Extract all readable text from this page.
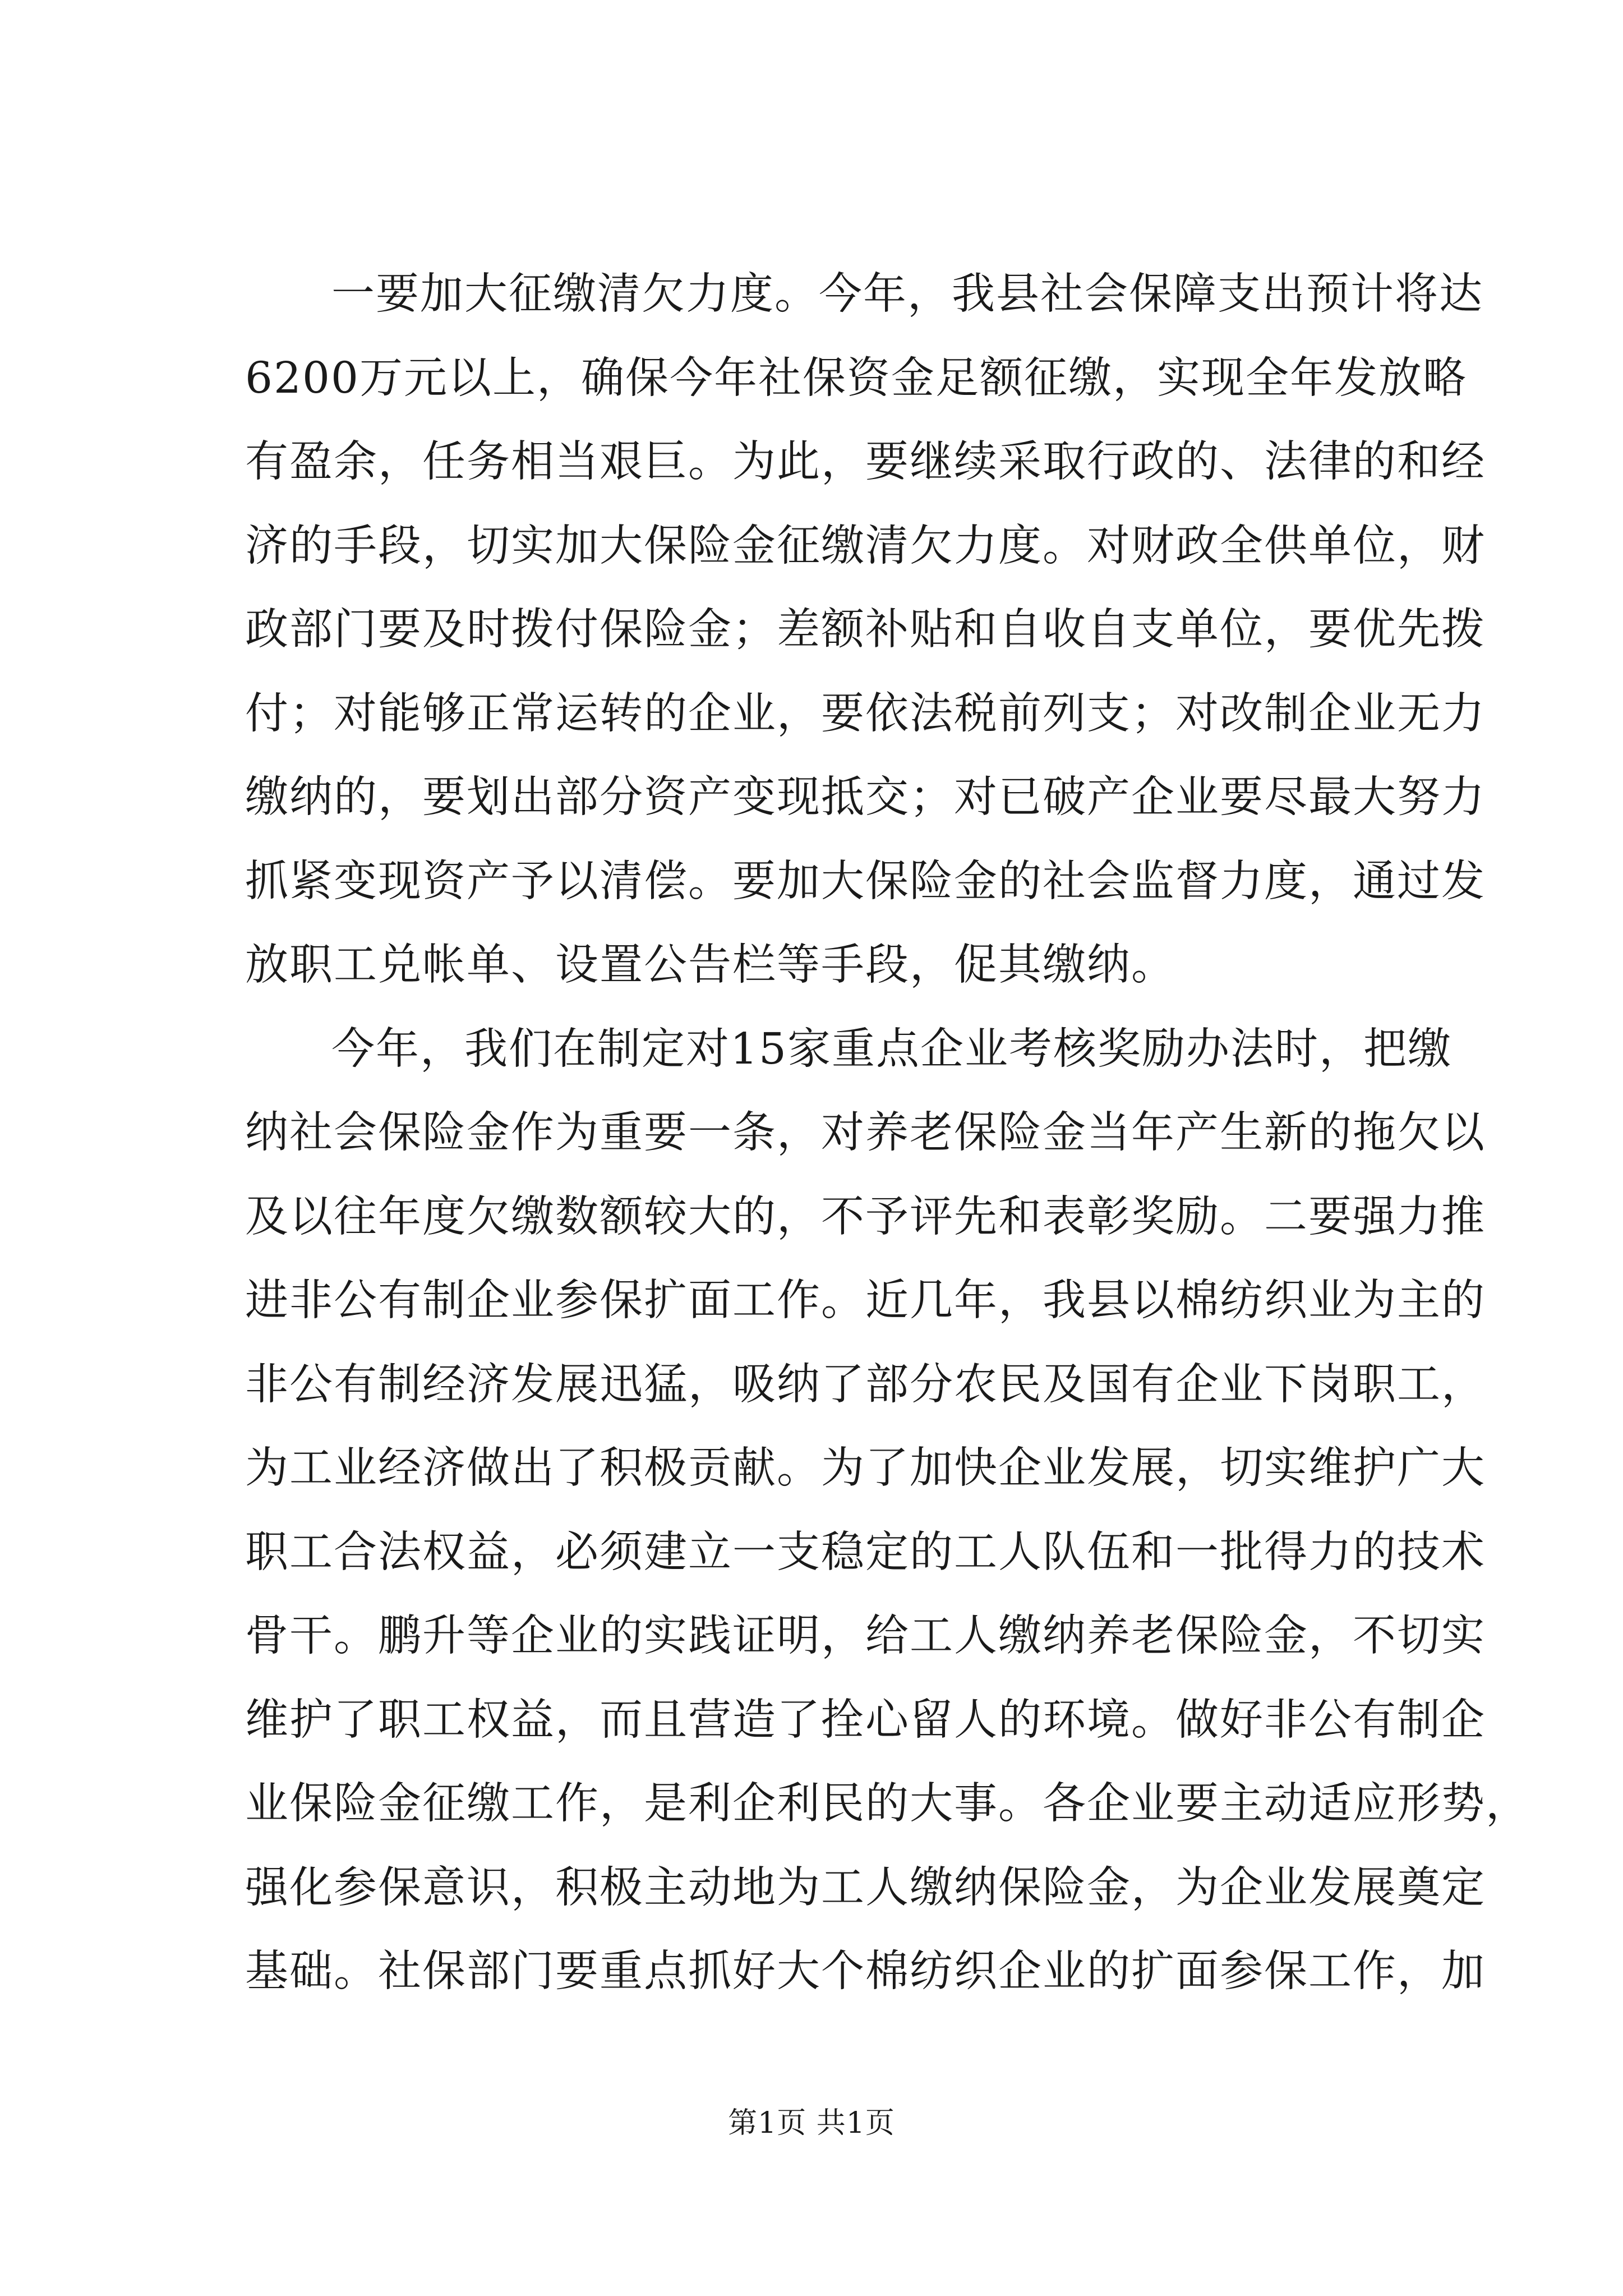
一要加大征缴清欠力度。今年，我县社会保障支出预计将达
6200万元以上，确保今年社保资金足额征缴，实现全年发放略
有盈余，任务相当艰巨。为此，要继续采取行政的、法律的和经
济的手段，切实加大保险金征缴清欠力度。对财政全供单位，财
政部门要及时拨付保险金；差额补贴和自收自支单位，要优先拨
付；对能够正常运转的企业，要依法税前列支；对改制企业无力
缴纳的，要划出部分资产变现抵交；对已破产企业要尽最大努力
抓紧变现资产予以清偿。要加大保险金的社会监督力度，通过发
放职工兑帐单、设置公告栏等手段，促其缴纳。
今年，我们在制定对15家重点企业考核奖励办法时，把缴
纳社会保险金作为重要一条，对养老保险金当年产生新的拖欠以
及以往年度欠缴数额较大的，不予评先和表彰奖励。二要强力推
进非公有制企业参保扩面工作。近几年，我县以棉纺织业为主的
非公有制经济发展迅猛，吸纳了部分农民及国有企业下岗职工，
为工业经济做出了积极贡献。为了加快企业发展，切实维护广大
职工合法权益，必须建立一支稳定的工人队伍和一批得力的技术
骨干。鹏升等企业的实践证明，给工人缴纳养老保险金，不切实
维护了职工权益，而且营造了拴心留人的环境。做好非公有制企
业保险金征缴工作，是利企利民的大事。各企业要主动适应形势，
强化参保意识，积极主动地为工人缴纳保险金，为企业发展奠定
基础。社保部门要重点抓好大个棉纺织企业的扩面参保工作，加
第1页 共1页
